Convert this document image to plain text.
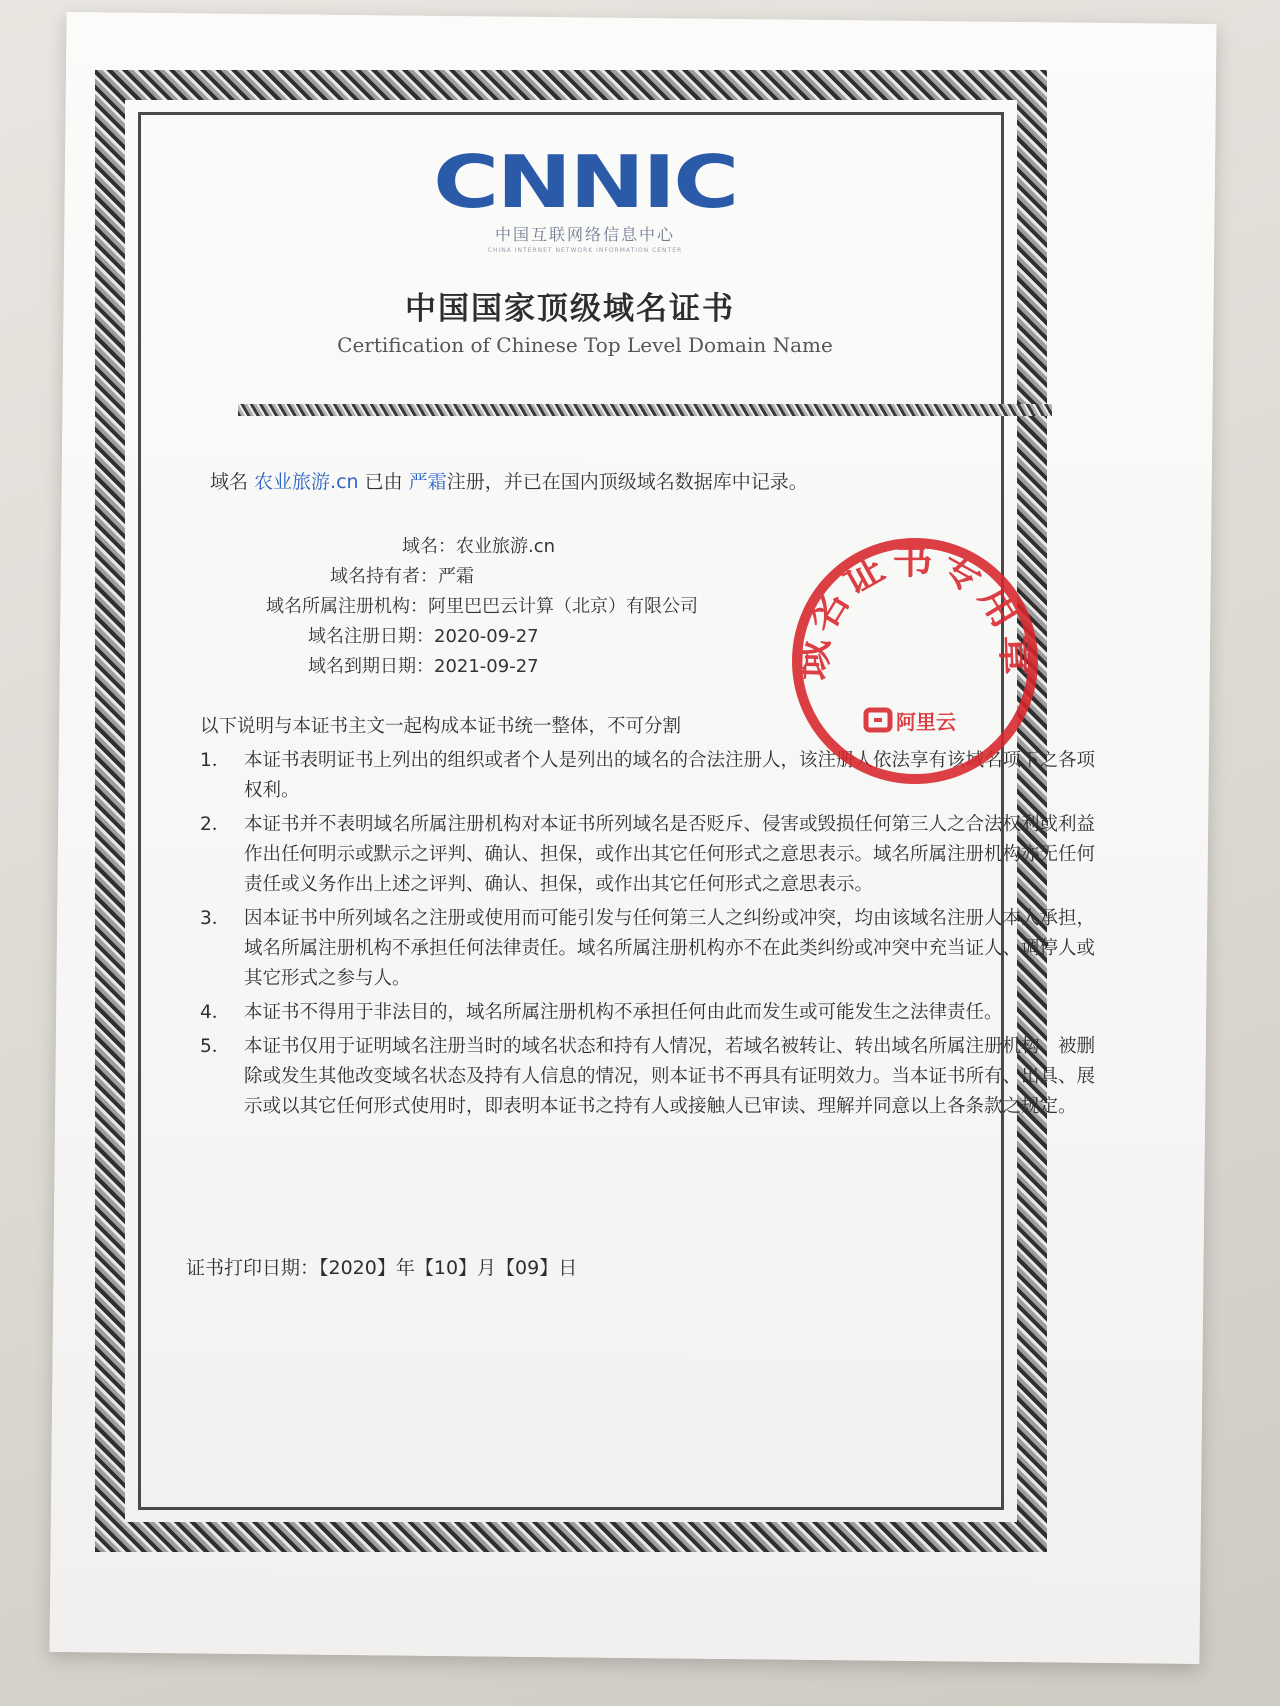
CNNIC
中国互联网络信息中心
CHINA INTERNET NETWORK INFORMATION CENTER
中国国家顶级域名证书
Certification of Chinese Top Level Domain Name
域名 农业旅游.cn 已由 严霜注册，并已在国内顶级域名数据库中记录。
域名：农业旅游.cn
域名持有者：严霜
域名所属注册机构：阿里巴巴云计算（北京）有限公司
域名注册日期：2020-09-27
域名到期日期：2021-09-27
以下说明与本证书主文一起构成本证书统一整体，不可分割
1． 本证书表明证书上列出的组织或者个人是列出的域名的合法注册人，该注册人依法享有该域名项下之各项权利。
2． 本证书并不表明域名所属注册机构对本证书所列域名是否贬斥、侵害或毁损任何第三人之合法权利或利益作出任何明示或默示之评判、确认、担保，或作出其它任何形式之意思表示。域名所属注册机构亦无任何责任或义务作出上述之评判、确认、担保，或作出其它任何形式之意思表示。
3． 因本证书中所列域名之注册或使用而可能引发与任何第三人之纠纷或冲突，均由该域名注册人本人承担，域名所属注册机构不承担任何法律责任。域名所属注册机构亦不在此类纠纷或冲突中充当证人、调停人或其它形式之参与人。
4． 本证书不得用于非法目的，域名所属注册机构不承担任何由此而发生或可能发生之法律责任。
5． 本证书仅用于证明域名注册当时的域名状态和持有人情况，若域名被转让、转出域名所属注册机构、被删除或发生其他改变域名状态及持有人信息的情况，则本证书不再具有证明效力。当本证书所有、出具、展示或以其它任何形式使用时，即表明本证书之持有人或接触人已审读、理解并同意以上各条款之规定。
证书打印日期：【2020】年【10】月【09】日
域名证书专用章
阿里云
